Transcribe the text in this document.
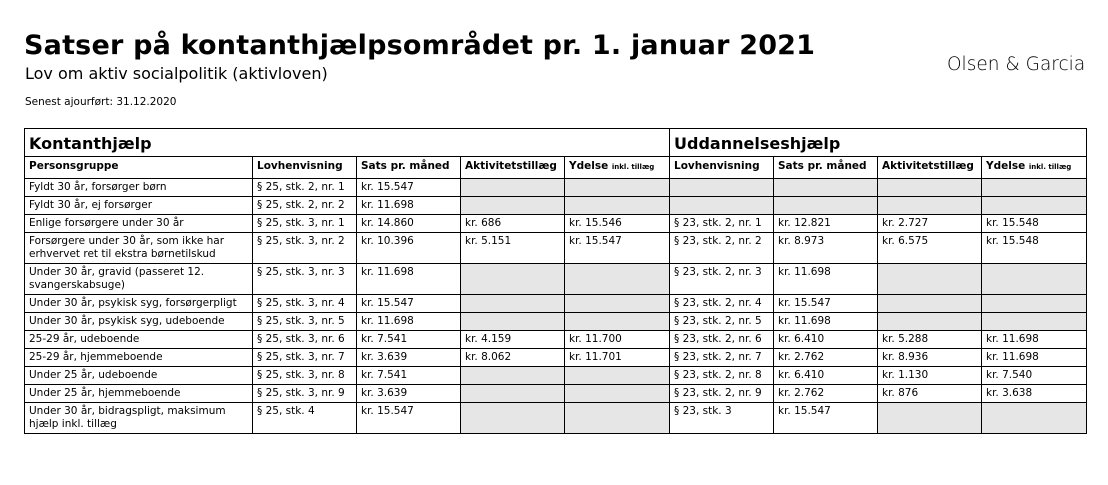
Satser på kontanthjælpsområdet pr. 1. januar 2021
Lov om aktiv socialpolitik (aktivloven)
Senest ajourført: 31.12.2020
Olsen & Garcia
Kontanthjælp					Uddannelseshjælp			
Personsgruppe	Lovhenvisning	Sats pr. måned	Aktivitetstillæg	Ydelse inkl. tillæg	Lovhenvisning	Sats pr. måned	Aktivitetstillæg	Ydelse inkl. tillæg
Fyldt 30 år, forsørger børn	§ 25, stk. 2, nr. 1	kr. 15.547						
Fyldt 30 år, ej forsørger	§ 25, stk. 2, nr. 2	kr. 11.698						
Enlige forsørgere under 30 år	§ 25, stk. 3, nr. 1	kr. 14.860	kr. 686	kr. 15.546	§ 23, stk. 2, nr. 1	kr. 12.821	kr. 2.727	kr. 15.548
Forsørgere under 30 år, som ikke har erhvervet ret til ekstra børnetilskud	§ 25, stk. 3, nr. 2	kr. 10.396	kr. 5.151	kr. 15.547	§ 23, stk. 2, nr. 2	kr. 8.973	kr. 6.575	kr. 15.548
Under 30 år, gravid (passeret 12. svangerskabsuge)	§ 25, stk. 3, nr. 3	kr. 11.698			§ 23, stk. 2, nr. 3	kr. 11.698		
Under 30 år, psykisk syg, forsørgerpligt	§ 25, stk. 3, nr. 4	kr. 15.547			§ 23, stk. 2, nr. 4	kr. 15.547		
Under 30 år, psykisk syg, udeboende	§ 25, stk. 3, nr. 5	kr. 11.698			§ 23, stk. 2, nr. 5	kr. 11.698		
25-29 år, udeboende	§ 25, stk. 3, nr. 6	kr. 7.541	kr. 4.159	kr. 11.700	§ 23, stk. 2, nr. 6	kr. 6.410	kr. 5.288	kr. 11.698
25-29 år, hjemmeboende	§ 25, stk. 3, nr. 7	kr. 3.639	kr. 8.062	kr. 11.701	§ 23, stk. 2, nr. 7	kr. 2.762	kr. 8.936	kr. 11.698
Under 25 år, udeboende	§ 25, stk. 3, nr. 8	kr. 7.541			§ 23, stk. 2, nr. 8	kr. 6.410	kr. 1.130	kr. 7.540
Under 25 år, hjemmeboende	§ 25, stk. 3, nr. 9	kr. 3.639			§ 23, stk. 2, nr. 9	kr. 2.762	kr. 876	kr. 3.638
Under 30 år, bidragspligt, maksimum hjælp inkl. tillæg	§ 25, stk. 4	kr. 15.547			§ 23, stk. 3	kr. 15.547		
